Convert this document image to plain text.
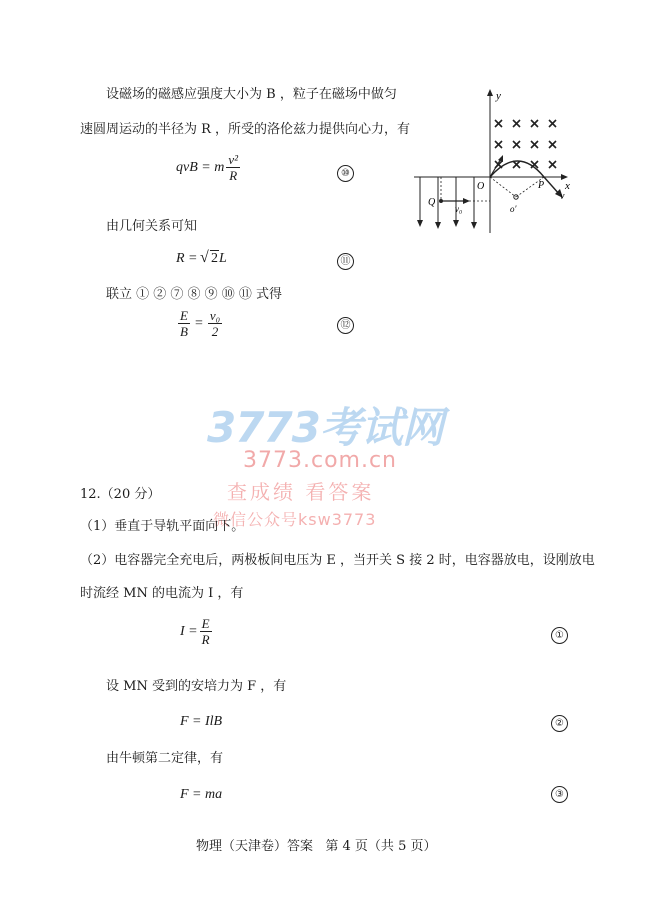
设磁场的磁感应强度大小为 B ，粒子在磁场中做匀
速圆周运动的半径为 R ，所受的洛伦兹力提供向心力，有
qvB = m $\frac{\text{v²}}{R}$	⑩
由几何关系可知
R = √ 2L	⑪
联立 ① ② ⑦ ⑧ ⑨ ⑩ ⑪ 式得
$\frac{E}{B} = \frac{\text{v₀}}{2}$	⑫
y
x
O
v
P
o′
Q
v₀
3773考试网
3773.com.cn
查成绩 看答案
微信公众号ksw3773
12.（20 分）
（1）垂直于导轨平面向下。
（2）电容器完全充电后，两极板间电压为 E ，当开关 S 接 2 时，电容器放电，设刚放电
时流经 MN 的电流为 I ，有
$I = \frac{E}{R}$	①
设 MN 受到的安培力为 F ，有
F = IlB	②
由牛顿第二定律，有
F = ma	③
物理（天津卷）答案   第 4 页（共 5 页）
